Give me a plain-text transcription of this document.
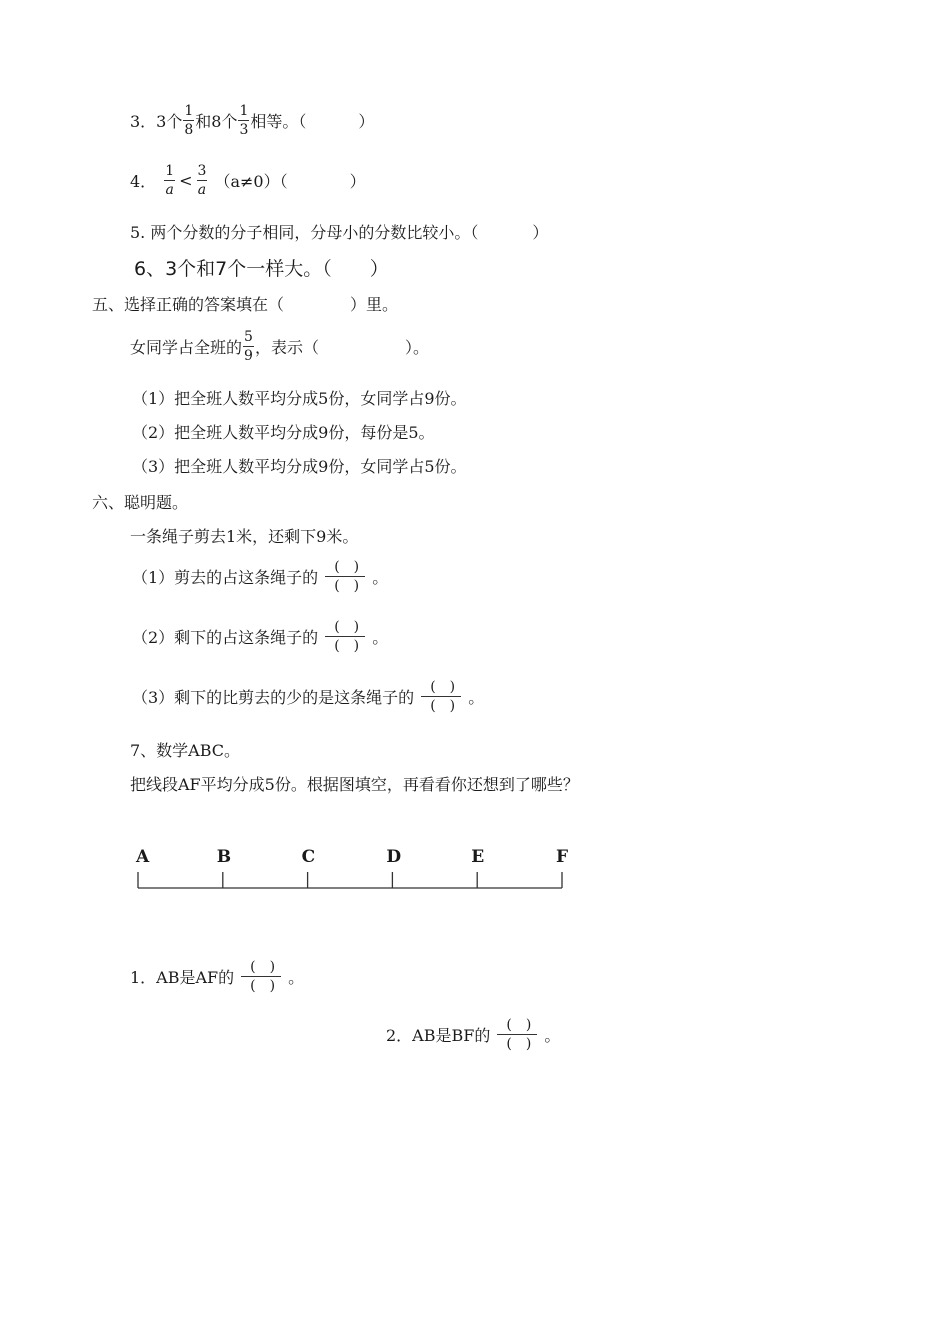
3．3个 $\frac{1}{8}$ 和8个 $\frac{1}{3}$ 相等。（	）
4． $\frac{1}{a} < \frac{3}{a} (a\ne 0)$（	）
5. 两个分数的分子相同，分母小的分数比较小。（	）
6、3个和7个一样大。（ ）
五、选择正确的答案填在（	）里。
女同学占全班的 $\frac{5}{9}$ ，表示（	）。
（1）把全班人数平均分成5份，女同学占9份。
（2）把全班人数平均分成9份，每份是5。
（3）把全班人数平均分成9份，女同学占5份。
六、聪明题。
一条绳子剪去1米，还剩下9米。
（1）剪去的占这条绳子的
()
() 。
（2）剩下的占这条绳子的
()
() 。
（3）剩下的比剪去的少的是这条绳子的
()
() 。
7、数学ABC。
把线段AF平均分成5份。根据图填空，再看看你还想到了哪些？
A	B	C	D	E	F
1．AB是AF的
()
() 。
2．AB是BF的
()
() 。
